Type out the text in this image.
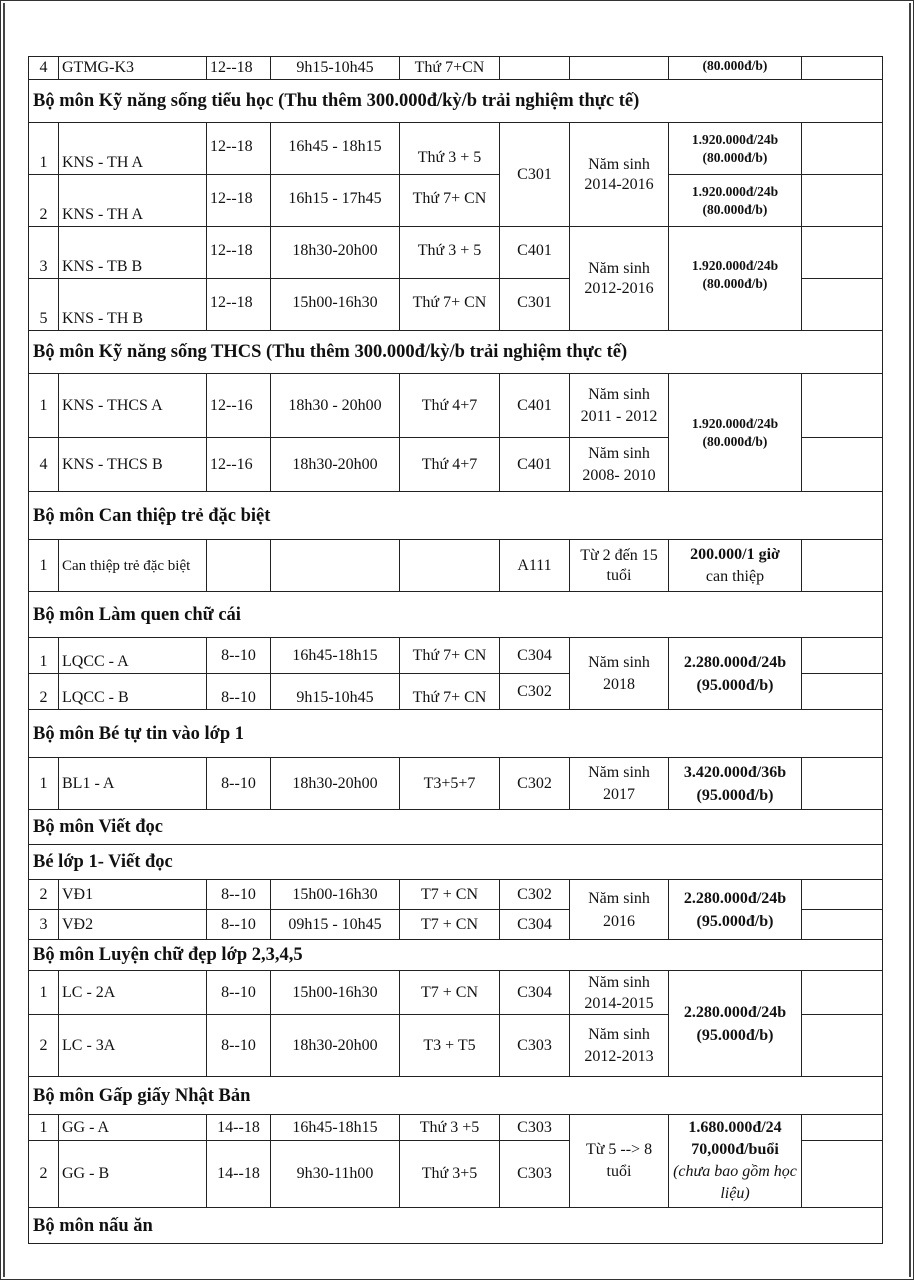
4	GTMG-K3	12--18	9h15-10h45	Thứ 7+CN			(80.000đ/b)	
Bộ môn Kỹ năng sống tiểu học (Thu thêm 300.000đ/kỳ/b trải nghiệm thực tế)								
1	KNS - TH A	12--18	16h45 - 18h15	Thứ 3 + 5	C301	Năm sinh 2014-2016	1.920.000đ/24b
(80.000đ/b)	

2	KNS - TH A	12--18	16h15 - 17h45	Thứ 7+ CN			1.920.000đ/24b
(80.000đ/b)	

3	KNS - TB B	12--18	18h30-20h00	Thứ 3 + 5	C401	Năm sinh 2012-2016	1.920.000đ/24b
(80.000đ/b)	

5	KNS - TH B	12--18	15h00-16h30	Thứ 7+ CN	C301			
Bộ môn Kỹ năng sống THCS (Thu thêm 300.000đ/kỳ/b trải nghiệm thực tế)								
1	KNS - THCS A	12--16	18h30 - 20h00	Thứ 4+7	C401	Năm sinh 2011 - 2012	1.920.000đ/24b
(80.000đ/b)	

4	KNS - THCS B	12--16	18h30-20h00	Thứ 4+7	C401	Năm sinh 2008- 2010		
Bộ môn Can thiệp trẻ đặc biệt								
1	Can thiệp trẻ đặc biệt				A111	Từ 2 đến 15 tuổi	200.000/1 giờ
can thiệp	

Bộ môn Làm quen chữ cái								
1	LQCC - A	8--10	16h45-18h15	Thứ 7+ CN	C304	Năm sinh 2018	2.280.000đ/24b
(95.000đ/b)	

2	LQCC - B	8--10	9h15-10h45	Thứ 7+ CN	C302			
Bộ môn Bé tự tin vào lớp 1								
1	BL1 - A	8--10	18h30-20h00	T3+5+7	C302	Năm sinh 2017	3.420.000đ/36b
(95.000đ/b)	

Bộ môn Viết đọc								
Bé lớp 1- Viết đọc								
2	VĐ1	8--10	15h00-16h30	T7 + CN	C302	Năm sinh 2016	2.280.000đ/24b
(95.000đ/b)	

3	VĐ2	8--10	09h15 - 10h45	T7 + CN	C304			
Bộ môn Luyện chữ đẹp lớp 2,3,4,5								
1	LC - 2A	8--10	15h00-16h30	T7 + CN	C304	Năm sinh 2014-2015	2.280.000đ/24b
(95.000đ/b)	

2	LC - 3A	8--10	18h30-20h00	T3 + T5	C303	Năm sinh 2012-2013		
Bộ môn Gấp giấy Nhật Bản								
1	GG - A	14--18	16h45-18h15	Thứ 3 +5	C303	Từ 5 --> 8 tuổi	1.680.000đ/24
70,000đ/buổi
(chưa bao gồm học liệu)	

2	GG - B	14--18	9h30-11h00	Thứ 3+5	C303			
Bộ môn nấu ăn								
